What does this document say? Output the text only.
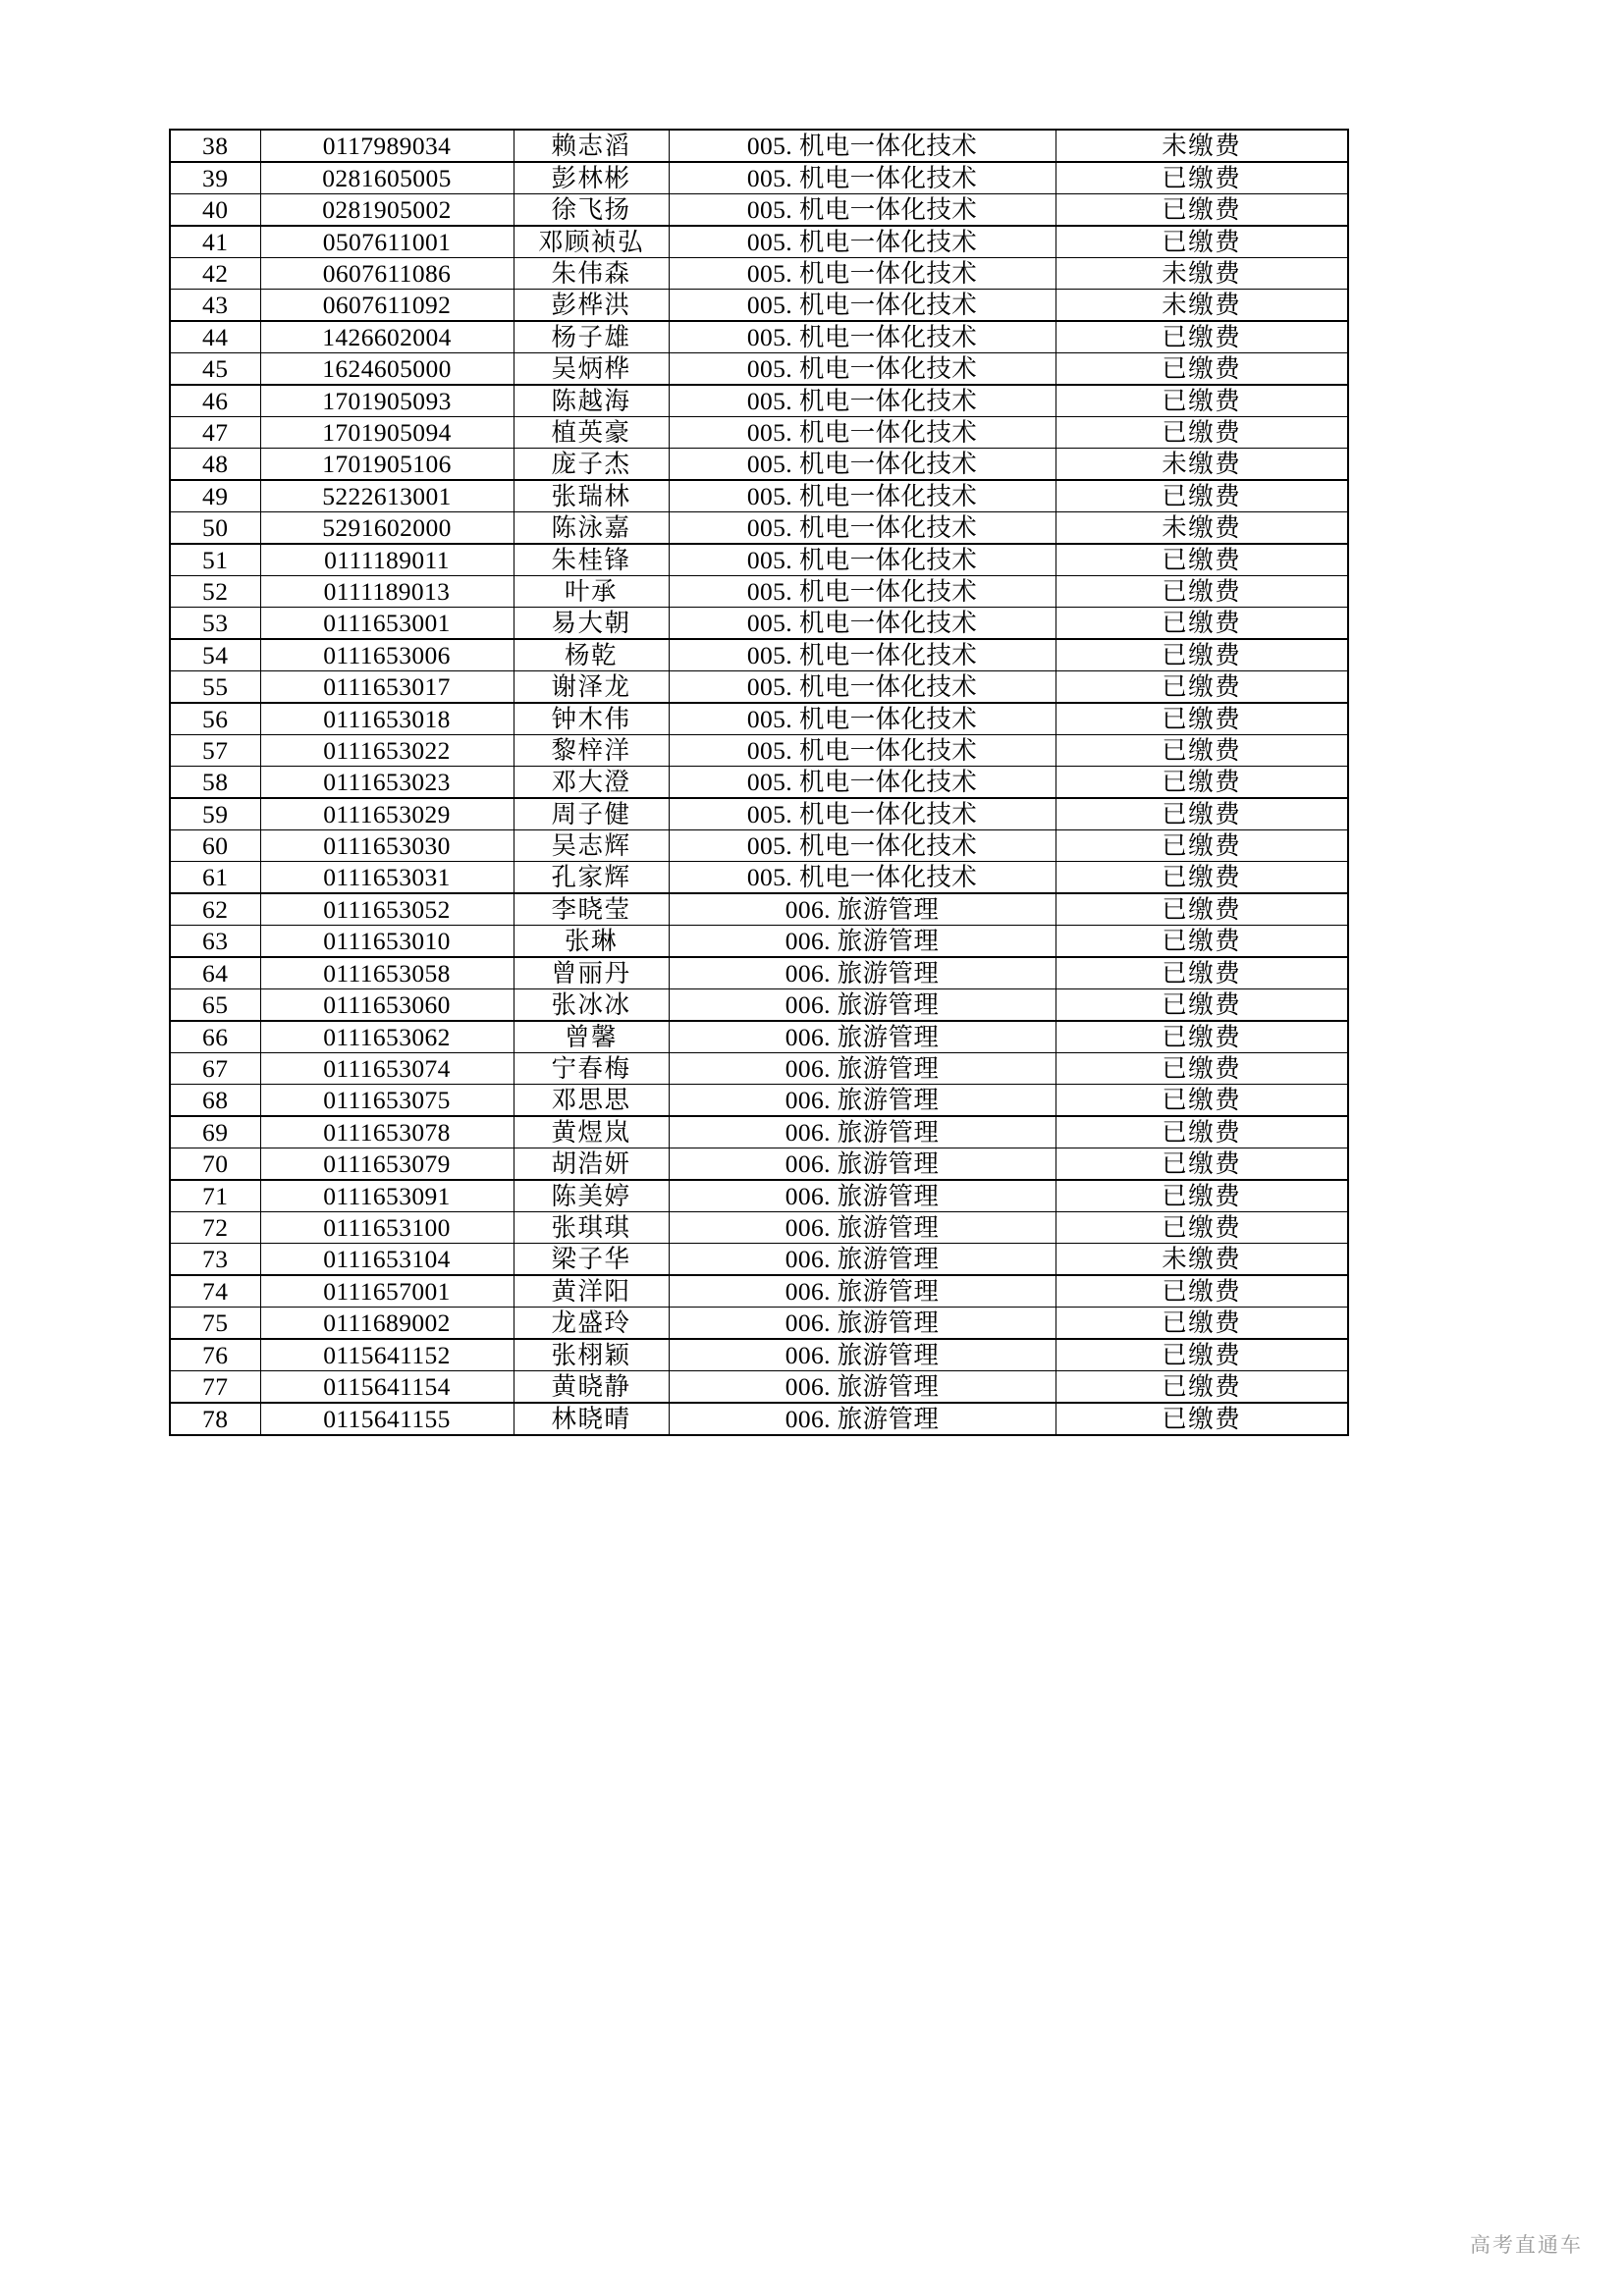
38	0117989034	赖志滔	005. 机电一体化技术	未缴费
39	0281605005	彭林彬	005. 机电一体化技术	已缴费
40	0281905002	徐飞扬	005. 机电一体化技术	已缴费
41	0507611001	邓顾祯弘	005. 机电一体化技术	已缴费
42	0607611086	朱伟森	005. 机电一体化技术	未缴费
43	0607611092	彭桦洪	005. 机电一体化技术	未缴费
44	1426602004	杨子雄	005. 机电一体化技术	已缴费
45	1624605000	吴炳桦	005. 机电一体化技术	已缴费
46	1701905093	陈越海	005. 机电一体化技术	已缴费
47	1701905094	植英豪	005. 机电一体化技术	已缴费
48	1701905106	庞子杰	005. 机电一体化技术	未缴费
49	5222613001	张瑞林	005. 机电一体化技术	已缴费
50	5291602000	陈泳嘉	005. 机电一体化技术	未缴费
51	0111189011	朱桂锋	005. 机电一体化技术	已缴费
52	0111189013	叶承	005. 机电一体化技术	已缴费
53	0111653001	易大朝	005. 机电一体化技术	已缴费
54	0111653006	杨乾	005. 机电一体化技术	已缴费
55	0111653017	谢泽龙	005. 机电一体化技术	已缴费
56	0111653018	钟木伟	005. 机电一体化技术	已缴费
57	0111653022	黎梓洋	005. 机电一体化技术	已缴费
58	0111653023	邓大澄	005. 机电一体化技术	已缴费
59	0111653029	周子健	005. 机电一体化技术	已缴费
60	0111653030	吴志辉	005. 机电一体化技术	已缴费
61	0111653031	孔家辉	005. 机电一体化技术	已缴费
62	0111653052	李晓莹	006. 旅游管理	已缴费
63	0111653010	张琳	006. 旅游管理	已缴费
64	0111653058	曾丽丹	006. 旅游管理	已缴费
65	0111653060	张冰冰	006. 旅游管理	已缴费
66	0111653062	曾馨	006. 旅游管理	已缴费
67	0111653074	宁春梅	006. 旅游管理	已缴费
68	0111653075	邓思思	006. 旅游管理	已缴费
69	0111653078	黄煜岚	006. 旅游管理	已缴费
70	0111653079	胡浩妍	006. 旅游管理	已缴费
71	0111653091	陈美婷	006. 旅游管理	已缴费
72	0111653100	张琪琪	006. 旅游管理	已缴费
73	0111653104	梁子华	006. 旅游管理	未缴费
74	0111657001	黄洋阳	006. 旅游管理	已缴费
75	0111689002	龙盛玲	006. 旅游管理	已缴费
76	0115641152	张栩颖	006. 旅游管理	已缴费
77	0115641154	黄晓静	006. 旅游管理	已缴费
78	0115641155	林晓晴	006. 旅游管理	已缴费
高考直通车
